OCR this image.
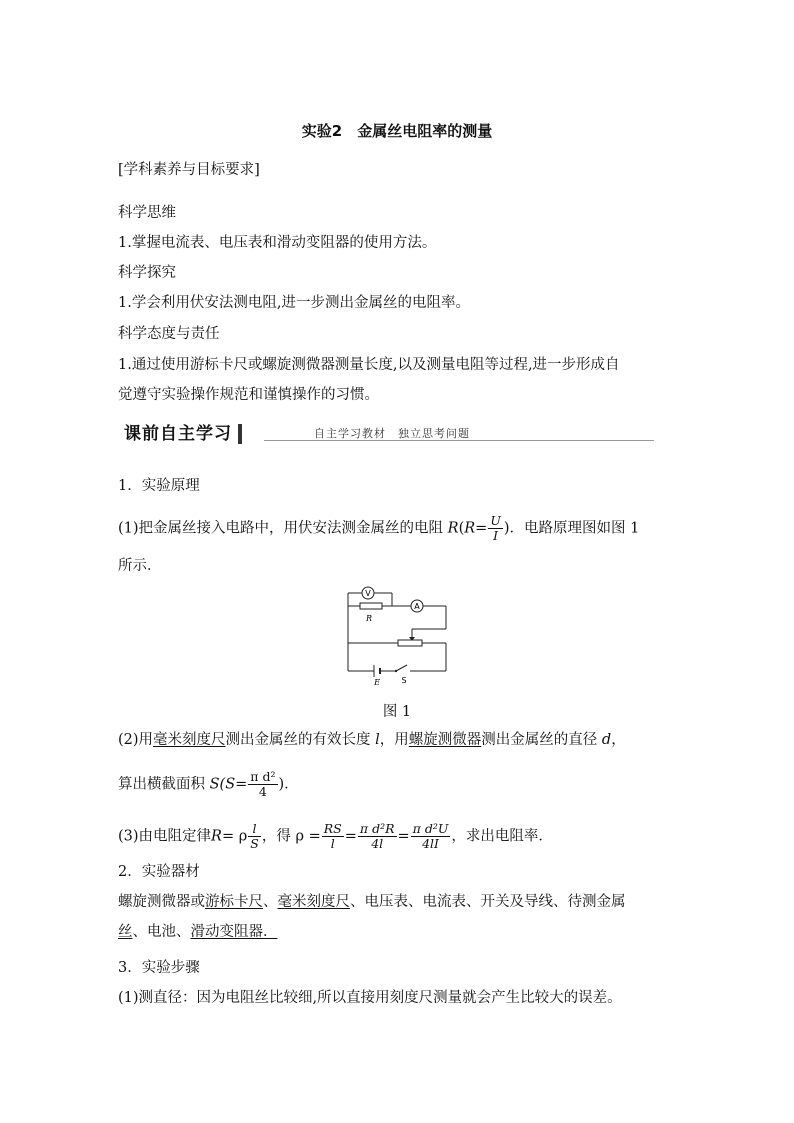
实验2　金属丝电阻率的测量
[学科素养与目标要求]
科学思维
1.掌握电流表、电压表和滑动变阻器的使用方法。
科学探究
1.学会利用伏安法测电阻,进一步测出金属丝的电阻率。
科学态度与责任
1.通过使用游标卡尺或螺旋测微器测量长度,以及测量电阻等过程,进一步形成自
觉遵守实验操作规范和谨慎操作的习惯。
课前自主学习	自主学习教材　独立思考问题
1．实验原理
(1)把金属丝接入电路中，用伏安法测金属丝的电阻 $R(R= \frac{U}{I}$ )．电路原理图如图 1
所示．
V
R
A
E	S
图 1
(2)用毫米刻度尺测出金属丝的有效长度 l，用螺旋测微器测出金属丝的直径 d，
算出横截面积 $S(S= \frac{\text{π d²}}{4}$ )．
(3)由电阻定律R= ρ $\frac{l}{S}$ ，得 $\rho = \frac{RS}{l} = \frac{\text{π d²R}}{4l} = \frac{\text{π d²U}}{4lI}$ ，求出电阻率．
2．实验器材
螺旋测微器或游标卡尺、毫米刻度尺、电压表、电流表、开关及导线、待测金属
丝、电池、滑动变阻器．
3．实验步骤
(1)测直径：因为电阻丝比较细,所以直接用刻度尺测量就会产生比较大的误差。
